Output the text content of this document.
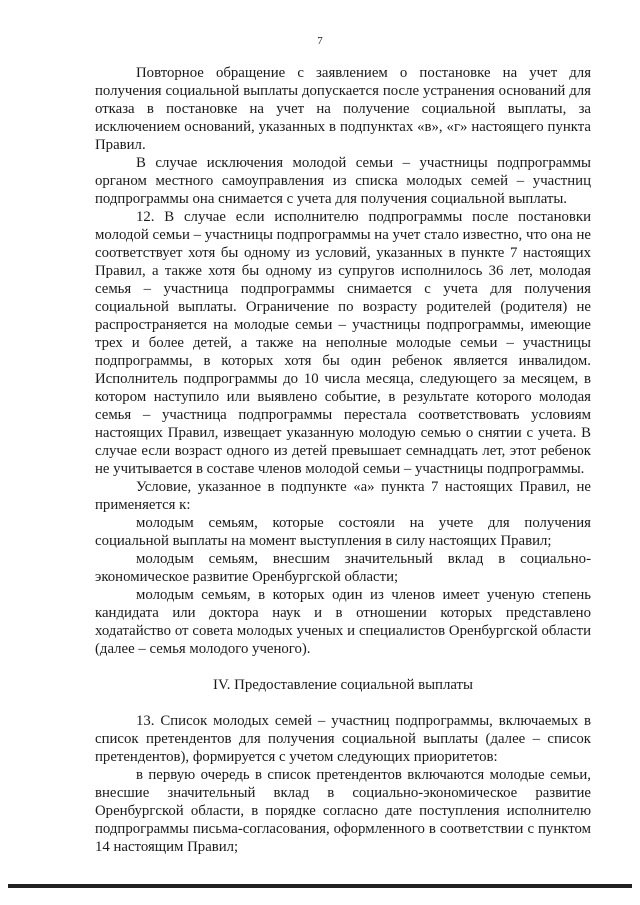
7

Повторное обращение с заявлением о постановке на учет для получения социальной выплаты допускается после устранения оснований для отказа в постановке на учет на получение социальной выплаты, за исключением оснований, указанных в подпунктах «в», «г» настоящего пункта Правил.

В случае исключения молодой семьи – участницы подпрограммы органом местного самоуправления из списка молодых семей – участниц подпрограммы она снимается с учета для получения социальной выплаты.

12. В случае если исполнителю подпрограммы после постановки молодой семьи – участницы подпрограммы на учет стало известно, что она не соответствует хотя бы одному из условий, указанных в пункте 7 настоящих Правил, а также хотя бы одному из супругов исполнилось 36 лет, молодая семья – участница подпрограммы снимается с учета для получения социальной выплаты. Ограничение по возрасту родителей (родителя) не распространяется на молодые семьи – участницы подпрограммы, имеющие трех и более детей, а также на неполные молодые семьи – участницы подпрограммы, в которых хотя бы один ребенок является инвалидом. Исполнитель подпрограммы до 10 числа месяца, следующего за месяцем, в котором наступило или выявлено событие, в результате которого молодая семья – участница подпрограммы перестала соответствовать условиям настоящих Правил, извещает указанную молодую семью о снятии с учета. В случае если возраст одного из детей превышает семнадцать лет, этот ребенок не учитывается в составе членов молодой семьи – участницы подпрограммы.

Условие, указанное в подпункте «а» пункта 7 настоящих Правил, не применяется к:

молодым семьям, которые состояли на учете для получения социальной выплаты на момент выступления в силу настоящих Правил;

молодым семьям, внесшим значительный вклад в социально-экономическое развитие Оренбургской области;

молодым семьям, в которых один из членов имеет ученую степень кандидата или доктора наук и в отношении которых представлено ходатайство от совета молодых ученых и специалистов Оренбургской области (далее – семья молодого ученого).

IV. Предоставление социальной выплаты

13. Список молодых семей – участниц подпрограммы, включаемых в список претендентов для получения социальной выплаты (далее – список претендентов), формируется с учетом следующих приоритетов:

в первую очередь в список претендентов включаются молодые семьи, внесшие значительный вклад в социально-экономическое развитие Оренбургской области, в порядке согласно дате поступления исполнителю подпрограммы письма-согласования, оформленного в соответствии с пунктом 14 настоящим Правил;
